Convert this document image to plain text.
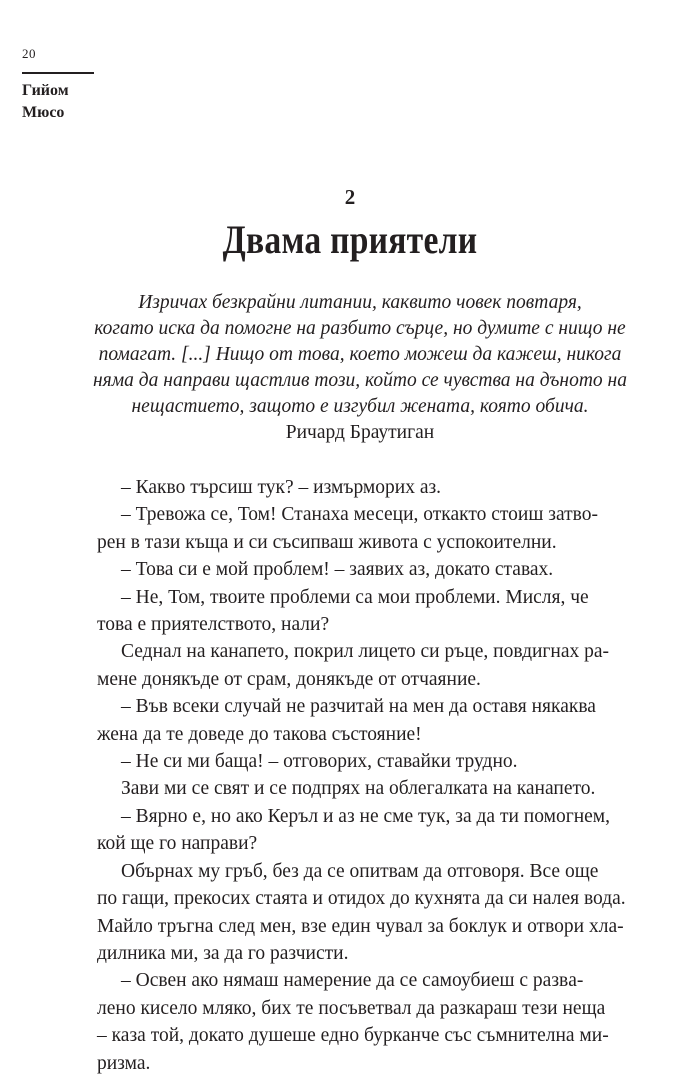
20
Гийом
Мюсо
2
Двама приятели
Изричах безкрайни литании, каквито човек повтаря,
когато иска да помогне на разбито сърце, но думите с нищо не
помагат. [...] Нищо от това, което можеш да кажеш, никога
няма да направи щастлив този, който се чувства на дъното на
нещастието, защото е изгубил жената, която обича.
Ричард Браутиган
– Какво търсиш тук? – измърморих аз.
– Тревожа се, Том! Станаха месеци, откакто стоиш затво-
рен в тази къща и си съсипваш живота с успокоителни.
– Това си е мой проблем! – заявих аз, докато ставах.
– Не, Том, твоите проблеми са мои проблеми. Мисля, че
това е приятелството, нали?
Седнал на канапето, покрил лицето си ръце, повдигнах ра-
мене донякъде от срам, донякъде от отчаяние.
– Във всеки случай не разчитай на мен да оставя някаква
жена да те доведе до такова състояние!
– Не си ми баща! – отговорих, ставайки трудно.
Зави ми се свят и се подпрях на облегалката на канапето.
– Вярно е, но ако Керъл и аз не сме тук, за да ти помогнем,
кой ще го направи?
Обърнах му гръб, без да се опитвам да отговоря. Все още
по гащи, прекосих стаята и отидох до кухнята да си налея вода.
Майло тръгна след мен, взе един чувал за боклук и отвори хла-
дилника ми, за да го разчисти.
– Освен ако нямаш намерение да се самоубиеш с развa-
лено кисело мляко, бих те посъветвал да разкараш тези неща
– каза той, докато душеше едно бурканче със съмнителна ми-
ризма.
